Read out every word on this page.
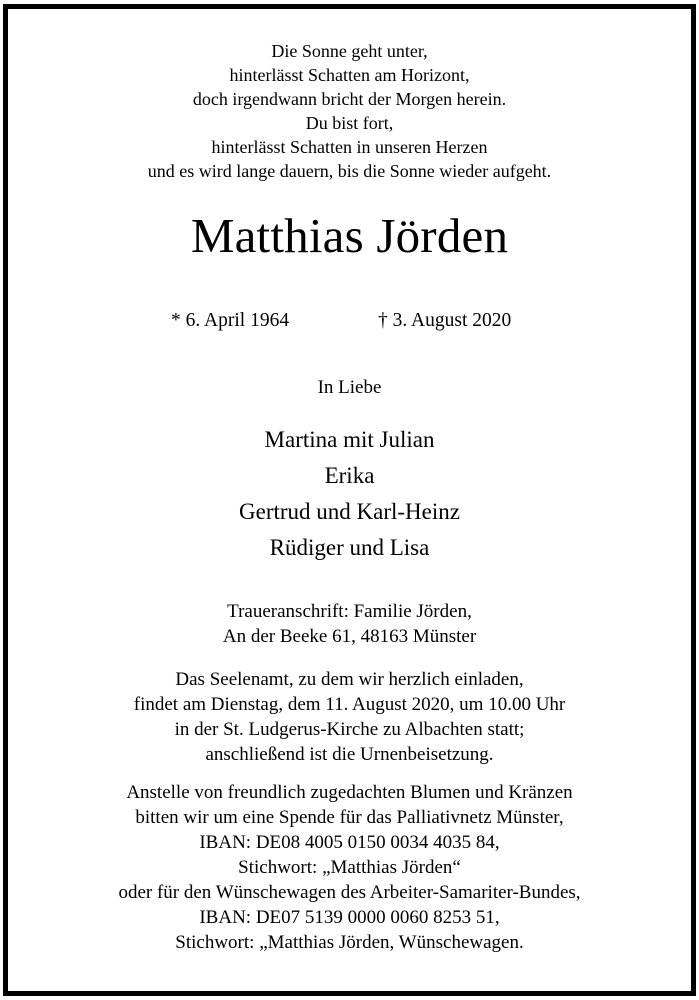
Die Sonne geht unter,
hinterlässt Schatten am Horizont,
doch irgendwann bricht der Morgen herein.
Du bist fort,
hinterlässt Schatten in unseren Herzen
und es wird lange dauern, bis die Sonne wieder aufgeht.
Matthias Jörden
* 6. April 1964	† 3. August 2020
In Liebe
Martina mit Julian
Erika
Gertrud und Karl-Heinz
Rüdiger und Lisa
Traueranschrift: Familie Jörden,
An der Beeke 61, 48163 Münster
Das Seelenamt, zu dem wir herzlich einladen,
findet am Dienstag, dem 11. August 2020, um 10.00 Uhr
in der St. Ludgerus-Kirche zu Albachten statt;
anschließend ist die Urnenbeisetzung.
Anstelle von freundlich zugedachten Blumen und Kränzen
bitten wir um eine Spende für das Palliativnetz Münster,
IBAN: DE08 4005 0150 0034 4035 84,
Stichwort: „Matthias Jörden“
oder für den Wünschewagen des Arbeiter-Samariter-Bundes,
IBAN: DE07 5139 0000 0060 8253 51,
Stichwort: „Matthias Jörden, Wünschewagen.
